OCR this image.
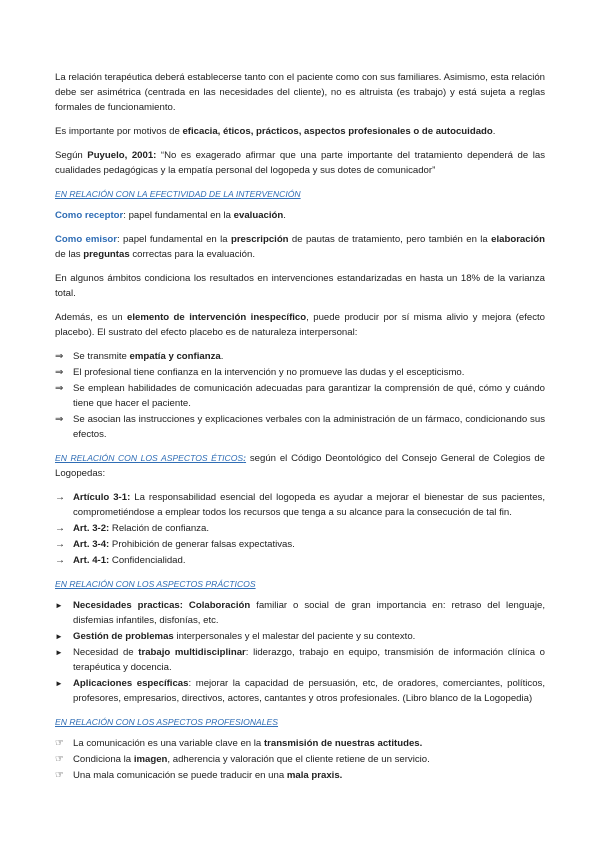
La relación terapéutica deberá establecerse tanto con el paciente como con sus familiares. Asimismo, esta relación debe ser asimétrica (centrada en las necesidades del cliente), no es altruista (es trabajo) y está sujeta a reglas formales de funcionamiento.

Es importante por motivos de eficacia, éticos, prácticos, aspectos profesionales o de autocuidado.

Según Puyuelo, 2001: “No es exagerado afirmar que una parte importante del tratamiento dependerá de las cualidades pedagógicas y la empatía personal del logopeda y sus dotes de comunicador”

EN RELACIÓN CON LA EFECTIVIDAD DE LA INTERVENCIÓN

Como receptor: papel fundamental en la evaluación.

Como emisor: papel fundamental en la prescripción de pautas de tratamiento, pero también en la elaboración de las preguntas correctas para la evaluación.

En algunos ámbitos condiciona los resultados en intervenciones estandarizadas en hasta un 18% de la varianza total.

Además, es un elemento de intervención inespecífico, puede producir por sí misma alivio y mejora (efecto placebo). El sustrato del efecto placebo es de naturaleza interpersonal:

⇒	Se transmite empatía y confianza.
⇒	El profesional tiene confianza en la intervención y no promueve las dudas y el escepticismo.
⇒	Se emplean habilidades de comunicación adecuadas para garantizar la comprensión de qué, cómo y cuándo tiene que hacer el paciente.
⇒	Se asocian las instrucciones y explicaciones verbales con la administración de un fármaco, condicionando sus efectos.

EN RELACIÓN CON LOS ASPECTOS ÉTICOS: según el Código Deontológico del Consejo General de Colegios de Logopedas:

→ Artículo 3-1: La responsabilidad esencial del logopeda es ayudar a mejorar el bienestar de sus pacientes, comprometiéndose a emplear todos los recursos que tenga a su alcance para la consecución de tal fin.
→ Art. 3-2: Relación de confianza.
→ Art. 3-4: Prohibición de generar falsas expectativas.
→ Art. 4-1: Confidencialidad.
EN RELACIÓN CON LOS ASPECTOS PRÁCTICOS
►	Necesidades practicas: Colaboración familiar o social de gran importancia en: retraso del lenguaje, disfemias infantiles, disfonías, etc.
►	Gestión de problemas interpersonales y el malestar del paciente y su contexto.
►	Necesidad de trabajo multidisciplinar: liderazgo, trabajo en equipo, transmisión de información clínica o terapéutica y docencia.
►	Aplicaciones específicas: mejorar la capacidad de persuasión, etc, de oradores, comerciantes, políticos, profesores, empresarios, directivos, actores, cantantes y otros profesionales. (Libro blanco de la Logopedia)
EN RELACIÓN CON LOS ASPECTOS PROFESIONALES
☞ La comunicación es una variable clave en la transmisión de nuestras actitudes.
☞ Condiciona la imagen, adherencia y valoración que el cliente retiene de un servicio.
☞ Una mala comunicación se puede traducir en una mala praxis.
